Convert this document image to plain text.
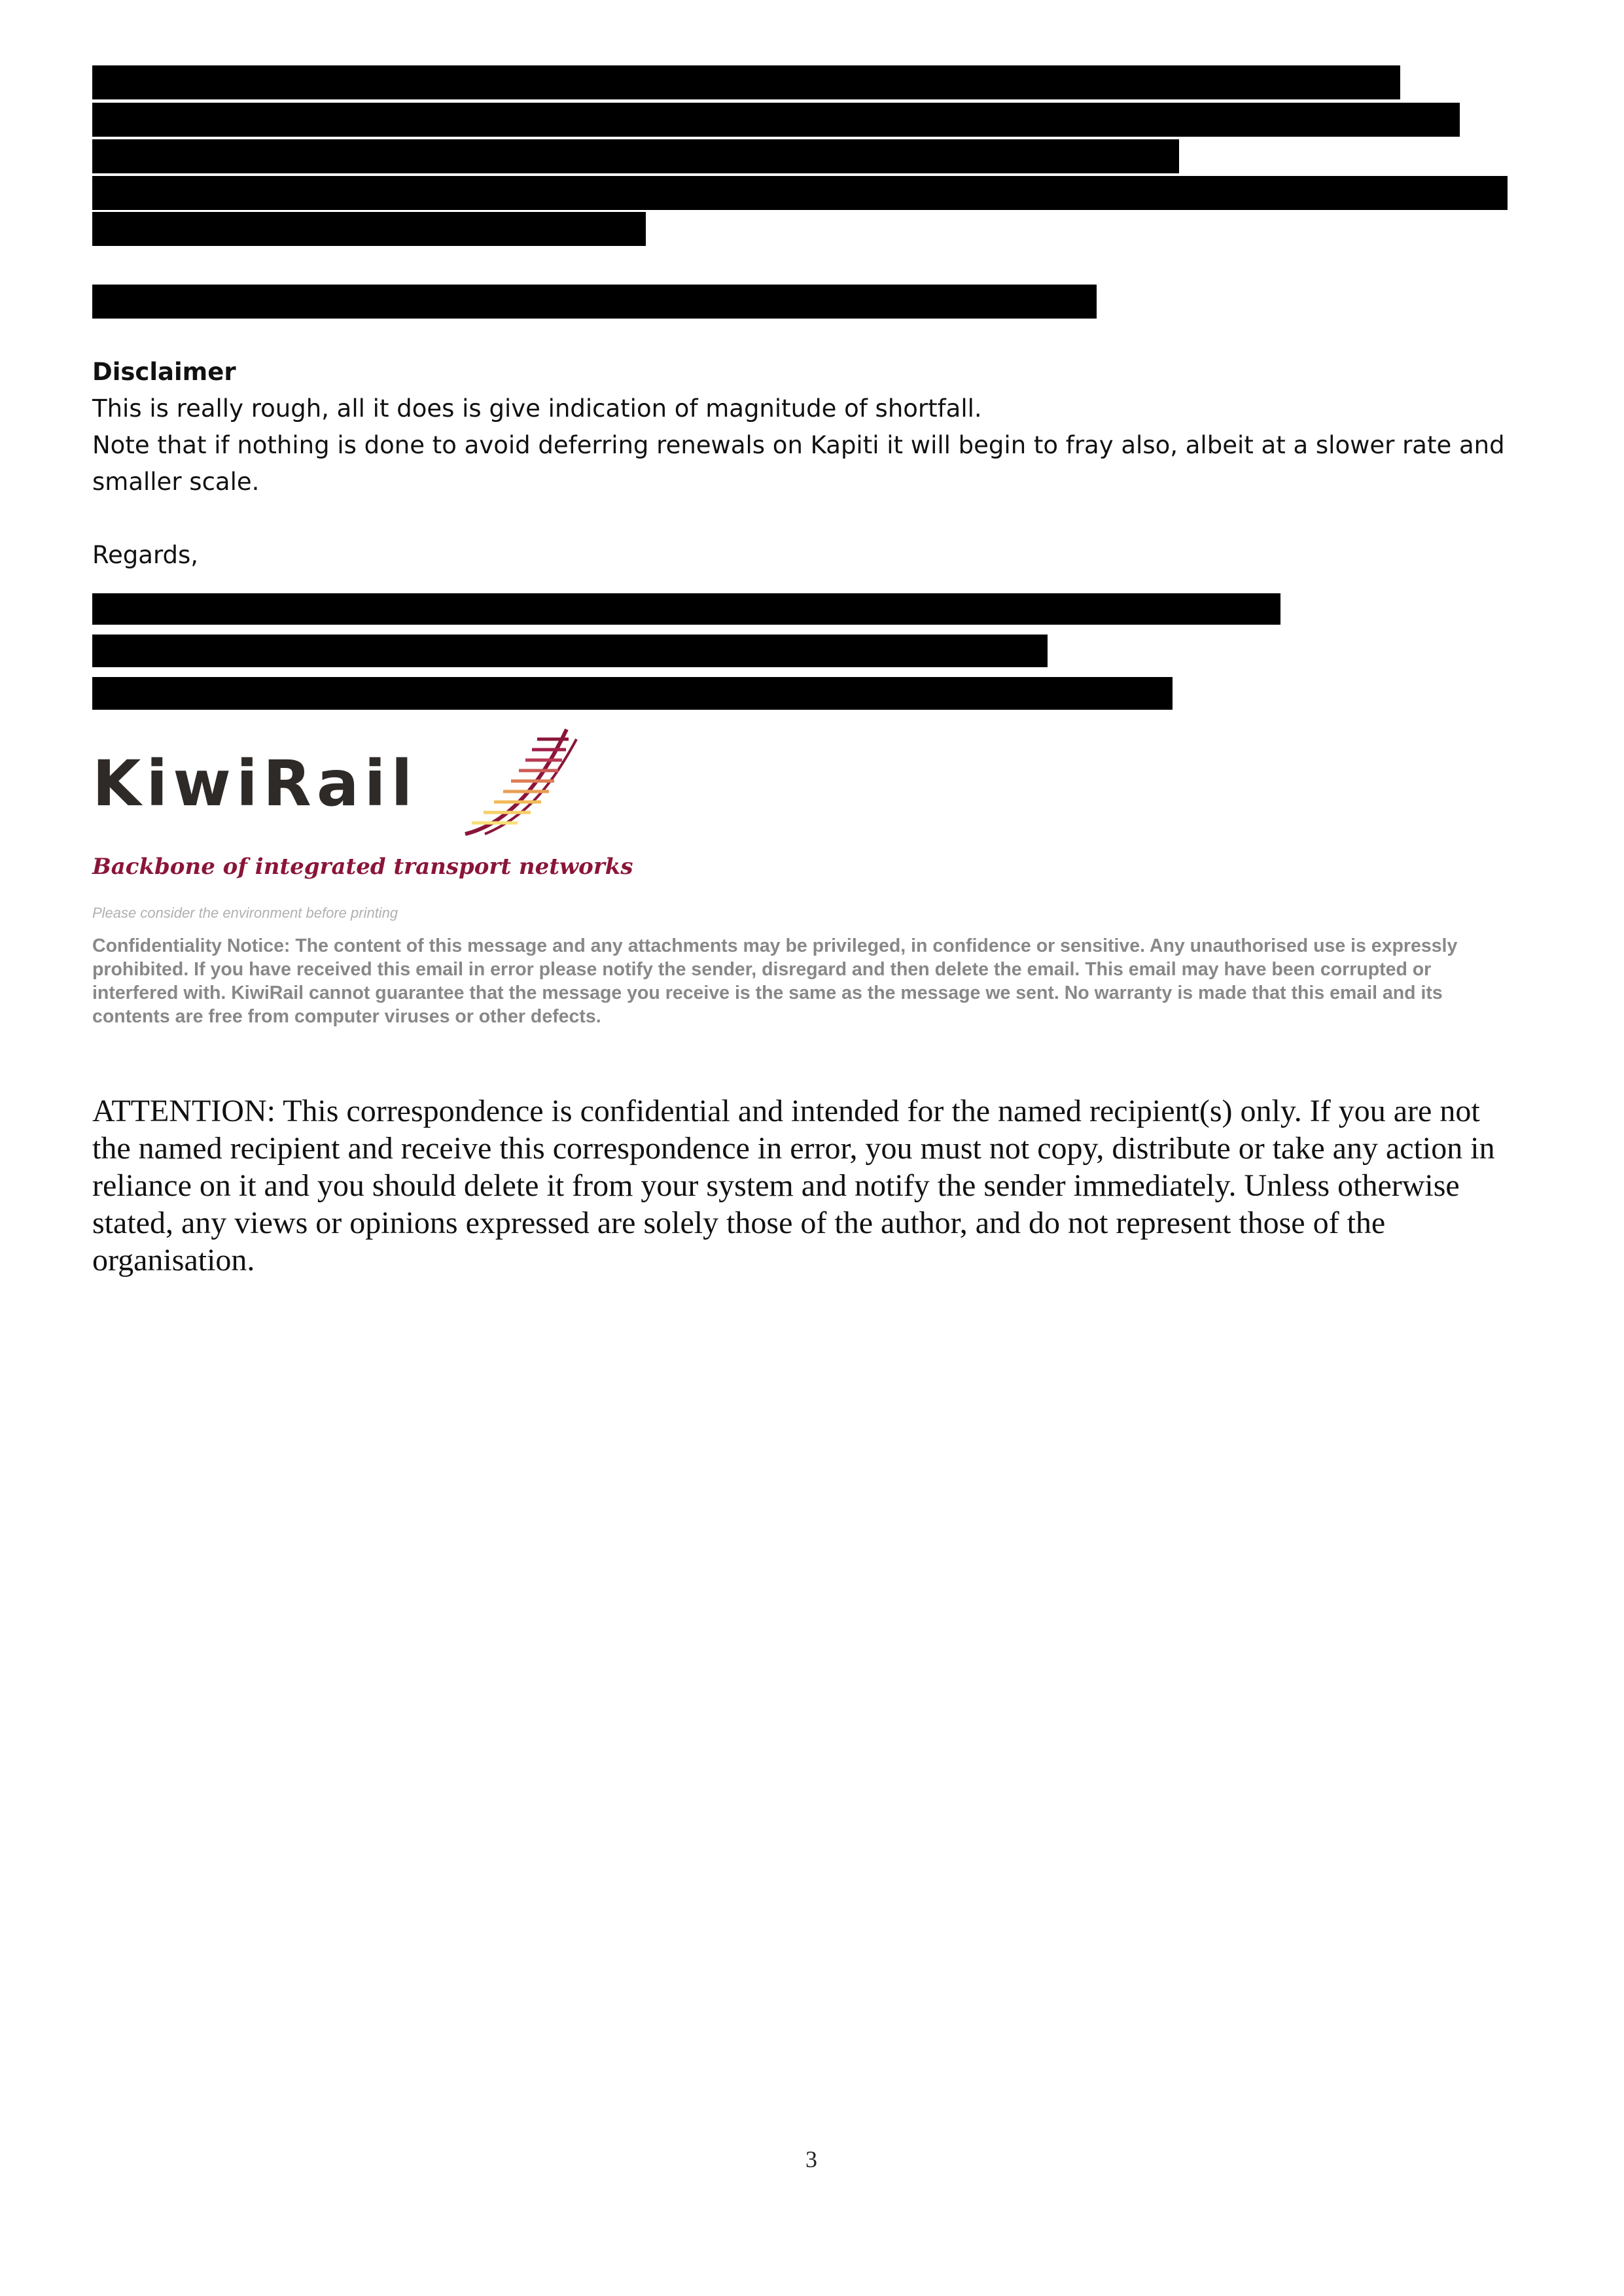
Disclaimer

This is really rough, all it does is give indication of magnitude of shortfall.

Note that if nothing is done to avoid deferring renewals on Kapiti it will begin to fray also, albeit at a slower rate and

smaller scale.

Regards,

KiwiRail

Backbone of integrated transport networks

Please consider the environment before printing

Confidentiality Notice: The content of this message and any attachments may be privileged, in confidence or sensitive. Any unauthorised use is expressly prohibited. If you have received this email in error please notify the sender, disregard and then delete the email. This email may have been corrupted or interfered with. KiwiRail cannot guarantee that the message you receive is the same as the message we sent. No warranty is made that this email and its contents are free from computer viruses or other defects.

ATTENTION: This correspondence is confidential and intended for the named recipient(s) only. If you are not the named recipient and receive this correspondence in error, you must not copy, distribute or take any action in reliance on it and you should delete it from your system and notify the sender immediately. Unless otherwise stated, any views or opinions expressed are solely those of the author, and do not represent those of the organisation.

3
